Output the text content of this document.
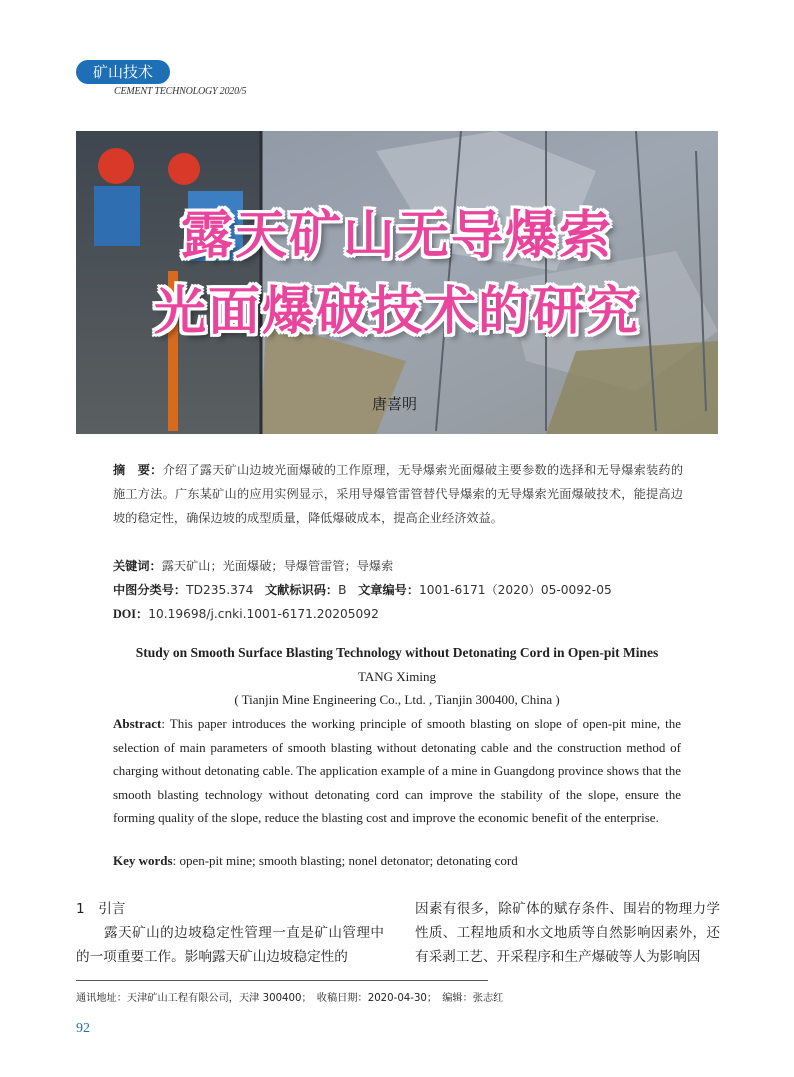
矿山技术
CEMENT TECHNOLOGY 2020/5
露天矿山无导爆索
光面爆破技术的研究
唐喜明
摘　要：介绍了露天矿山边坡光面爆破的工作原理，无导爆索光面爆破主要参数的选择和无导爆索装药的施工方法。广东某矿山的应用实例显示，采用导爆管雷管替代导爆索的无导爆索光面爆破技术，能提高边坡的稳定性，确保边坡的成型质量，降低爆破成本，提高企业经济效益。
关键词：露天矿山；光面爆破；导爆管雷管；导爆索
中图分类号：TD235.374 文献标识码：B 文章编号：1001-6171（2020）05-0092-05
DOI：10.19698/j.cnki.1001-6171.20205092
Study on Smooth Surface Blasting Technology without Detonating Cord in Open-pit Mines
TANG Ximing
( Tianjin Mine Engineering Co., Ltd. , Tianjin 300400, China )
Abstract: This paper introduces the working principle of smooth blasting on slope of open-pit mine, the selection of main parameters of smooth blasting without detonating cable and the construction method of charging without detonating cable. The application example of a mine in Guangdong province shows that the smooth blasting technology without detonating cord can improve the stability of the slope, ensure the forming quality of the slope, reduce the blasting cost and improve the economic benefit of the enterprise.
Key words: open-pit mine; smooth blasting; nonel detonator; detonating cord
1　引言
　　露天矿山的边坡稳定性管理一直是矿山管理中的一项重要工作。影响露天矿山边坡稳定性的
因素有很多，除矿体的赋存条件、围岩的物理力学性质、工程地质和水文地质等自然影响因素外，还有采剥工艺、开采程序和生产爆破等人为影响因
通讯地址：天津矿山工程有限公司，天津 300400；　收稿日期：2020-04-30；　编辑：张志红
92
